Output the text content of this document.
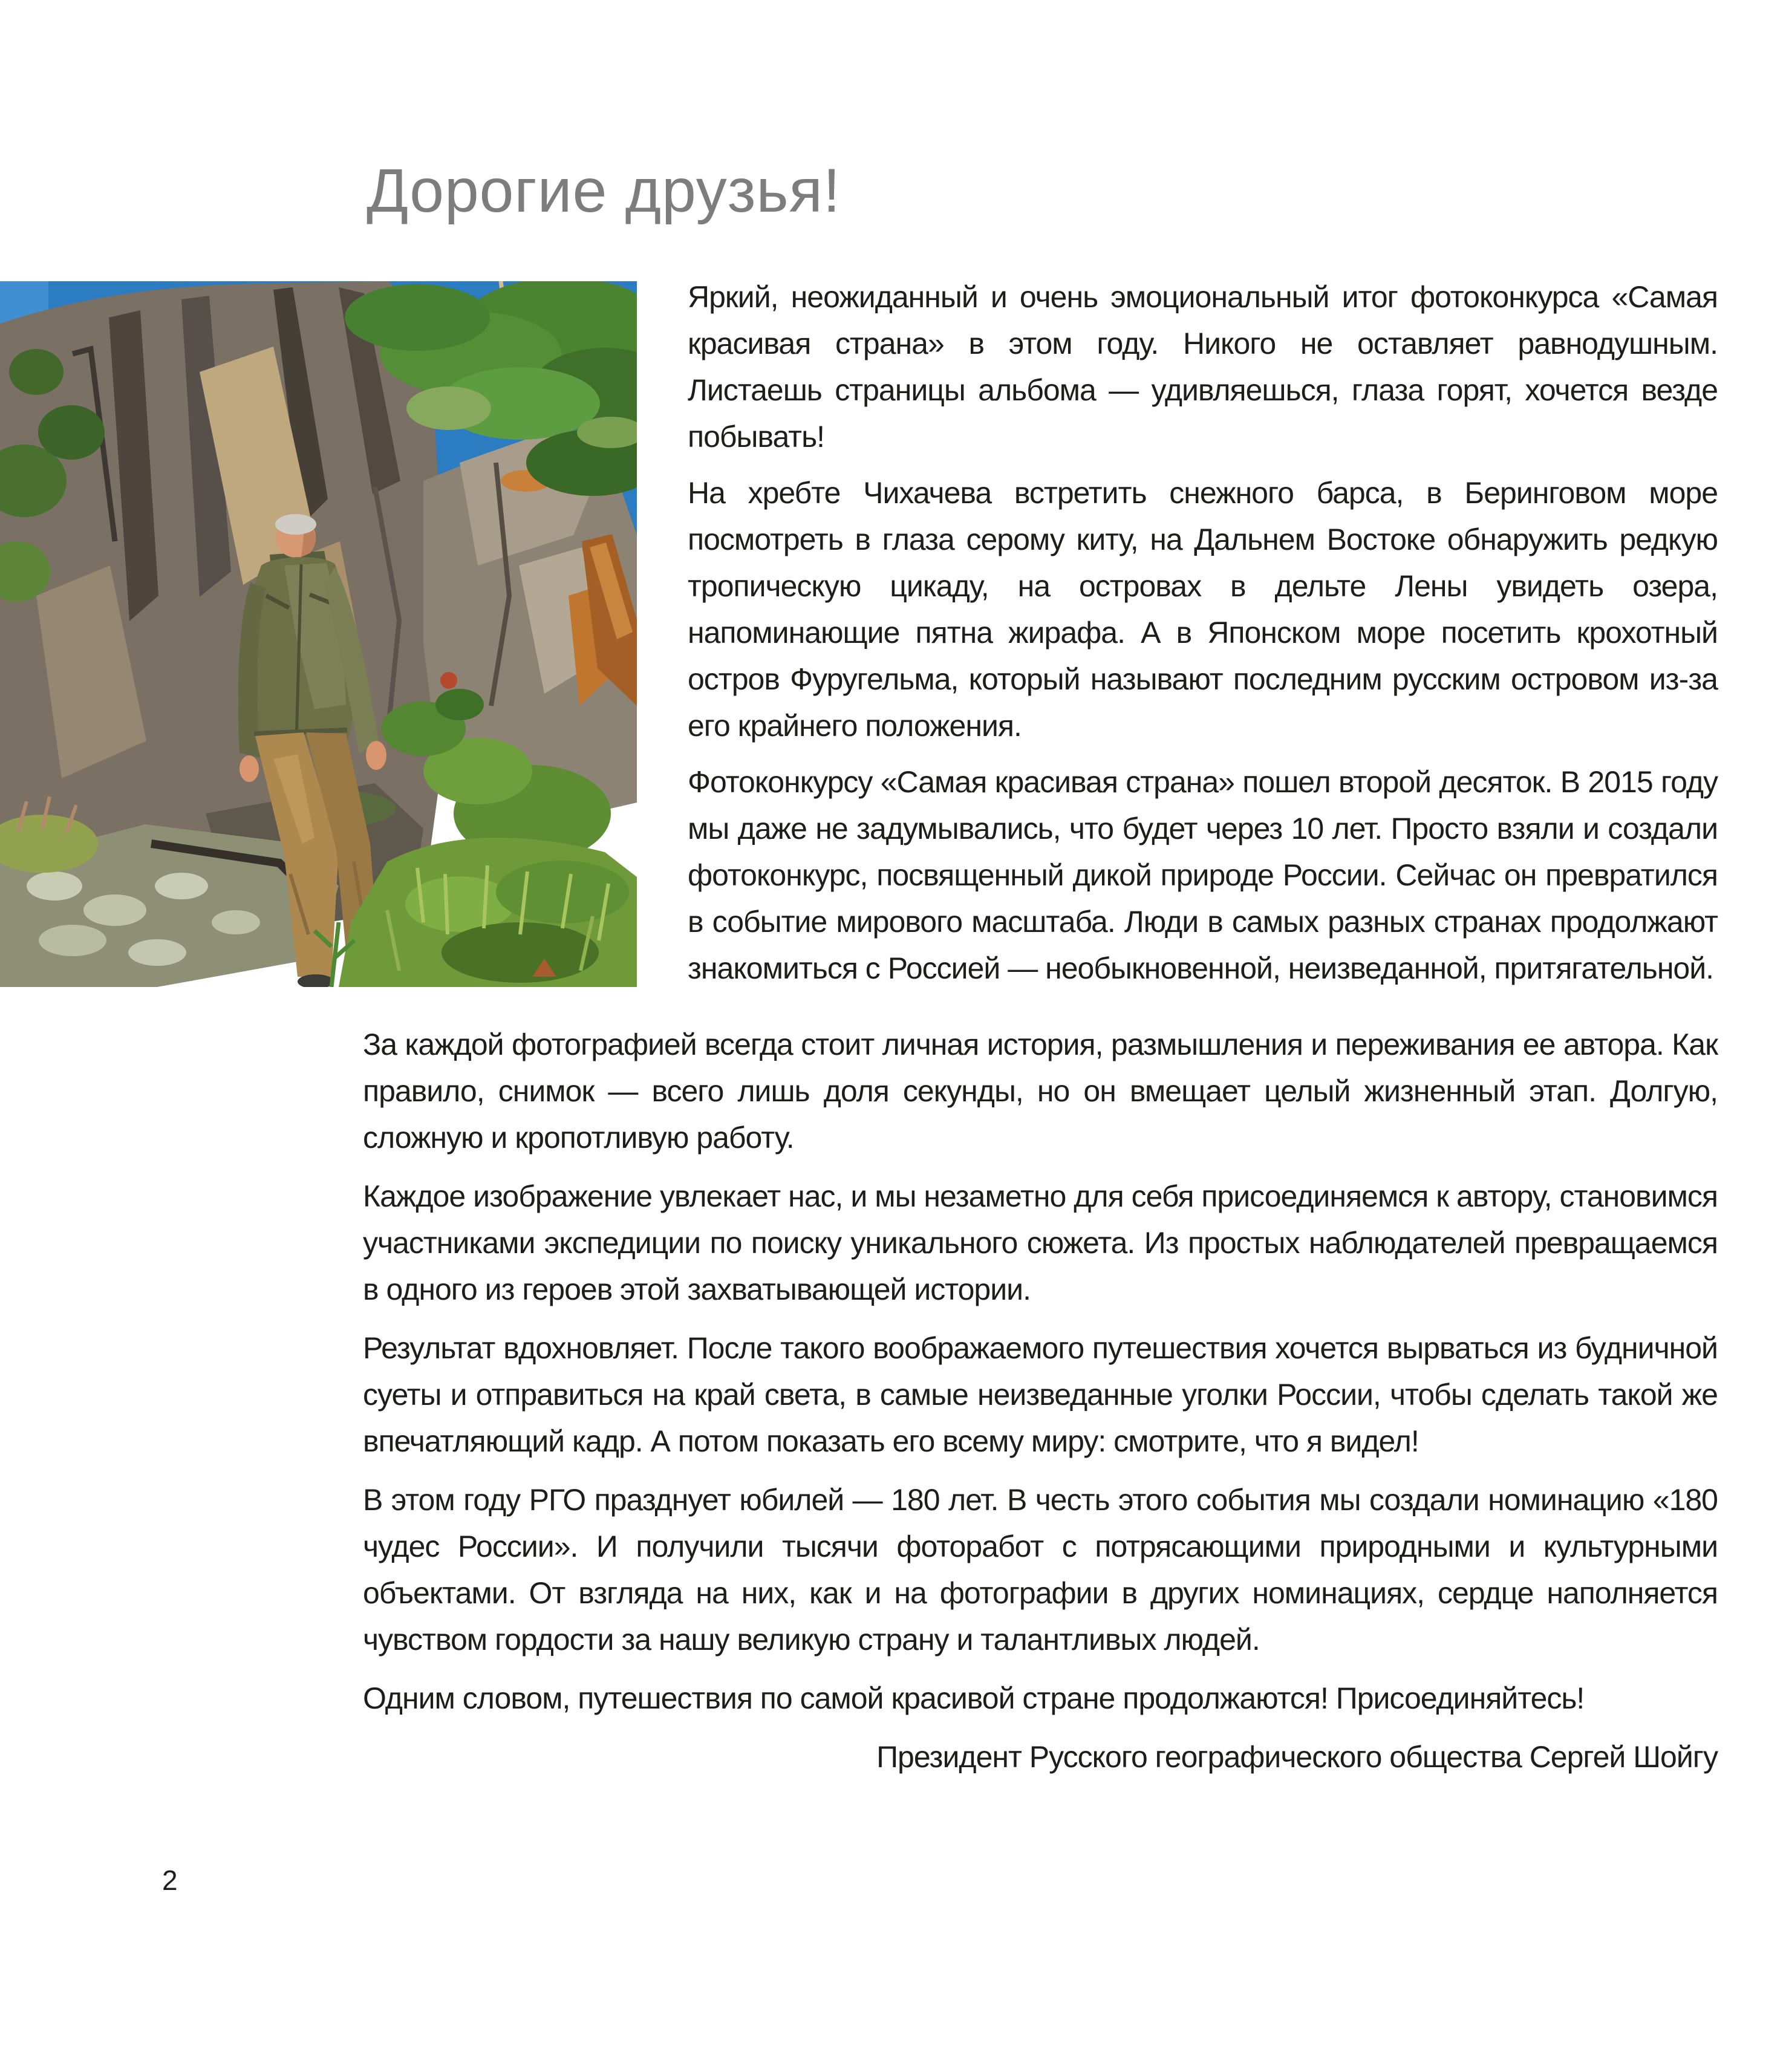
Дорогие друзья!

Яркий, неожиданный и очень эмоциональный итог фотоконкурса «Самая красивая страна» в этом году. Никого не оставляет равнодушным. Листаешь страницы альбома — удивляешься, глаза горят, хочется везде побывать!

На хребте Чихачева встретить снежного барса, в Беринговом море посмотреть в глаза серому киту, на Дальнем Востоке обнаружить редкую тропическую цикаду, на островах в дельте Лены увидеть озера, напоминающие пятна жирафа. А в Японском море посетить крохотный остров Фуругельма, который называют последним русским островом из-за его крайнего положения.

Фотоконкурсу «Самая красивая страна» пошел второй десяток. В 2015 году мы даже не задумывались, что будет через 10 лет. Просто взяли и создали фотоконкурс, посвященный дикой природе России. Сейчас он превратился в событие мирового масштаба. Люди в самых разных странах продолжают знакомиться с Россией — необыкновенной, неизведанной, притягательной.

За каждой фотографией всегда стоит личная история, размышления и переживания ее автора. Как правило, снимок — всего лишь доля секунды, но он вмещает целый жизненный этап. Долгую, сложную и кропотливую работу.

Каждое изображение увлекает нас, и мы незаметно для себя присоединяемся к автору, становимся участниками экспедиции по поиску уникального сюжета. Из простых наблюдателей превращаемся в одного из героев этой захватывающей истории.

Результат вдохновляет. После такого воображаемого путешествия хочется вырваться из будничной суеты и отправиться на край света, в самые неизведанные уголки России, чтобы сделать такой же впечатляющий кадр. А потом показать его всему миру: смотрите, что я видел!

В этом году РГО празднует юбилей — 180 лет. В честь этого события мы создали номинацию «180 чудес России». И получили тысячи фоторабот с потрясающими природными и культурными объектами. От взгляда на них, как и на фотографии в других номинациях, сердце наполняется чувством гордости за нашу великую страну и талантливых людей.

Одним словом, путешествия по самой красивой стране продолжаются! Присоединяйтесь!

Президент Русского географического общества Сергей Шойгу

2
